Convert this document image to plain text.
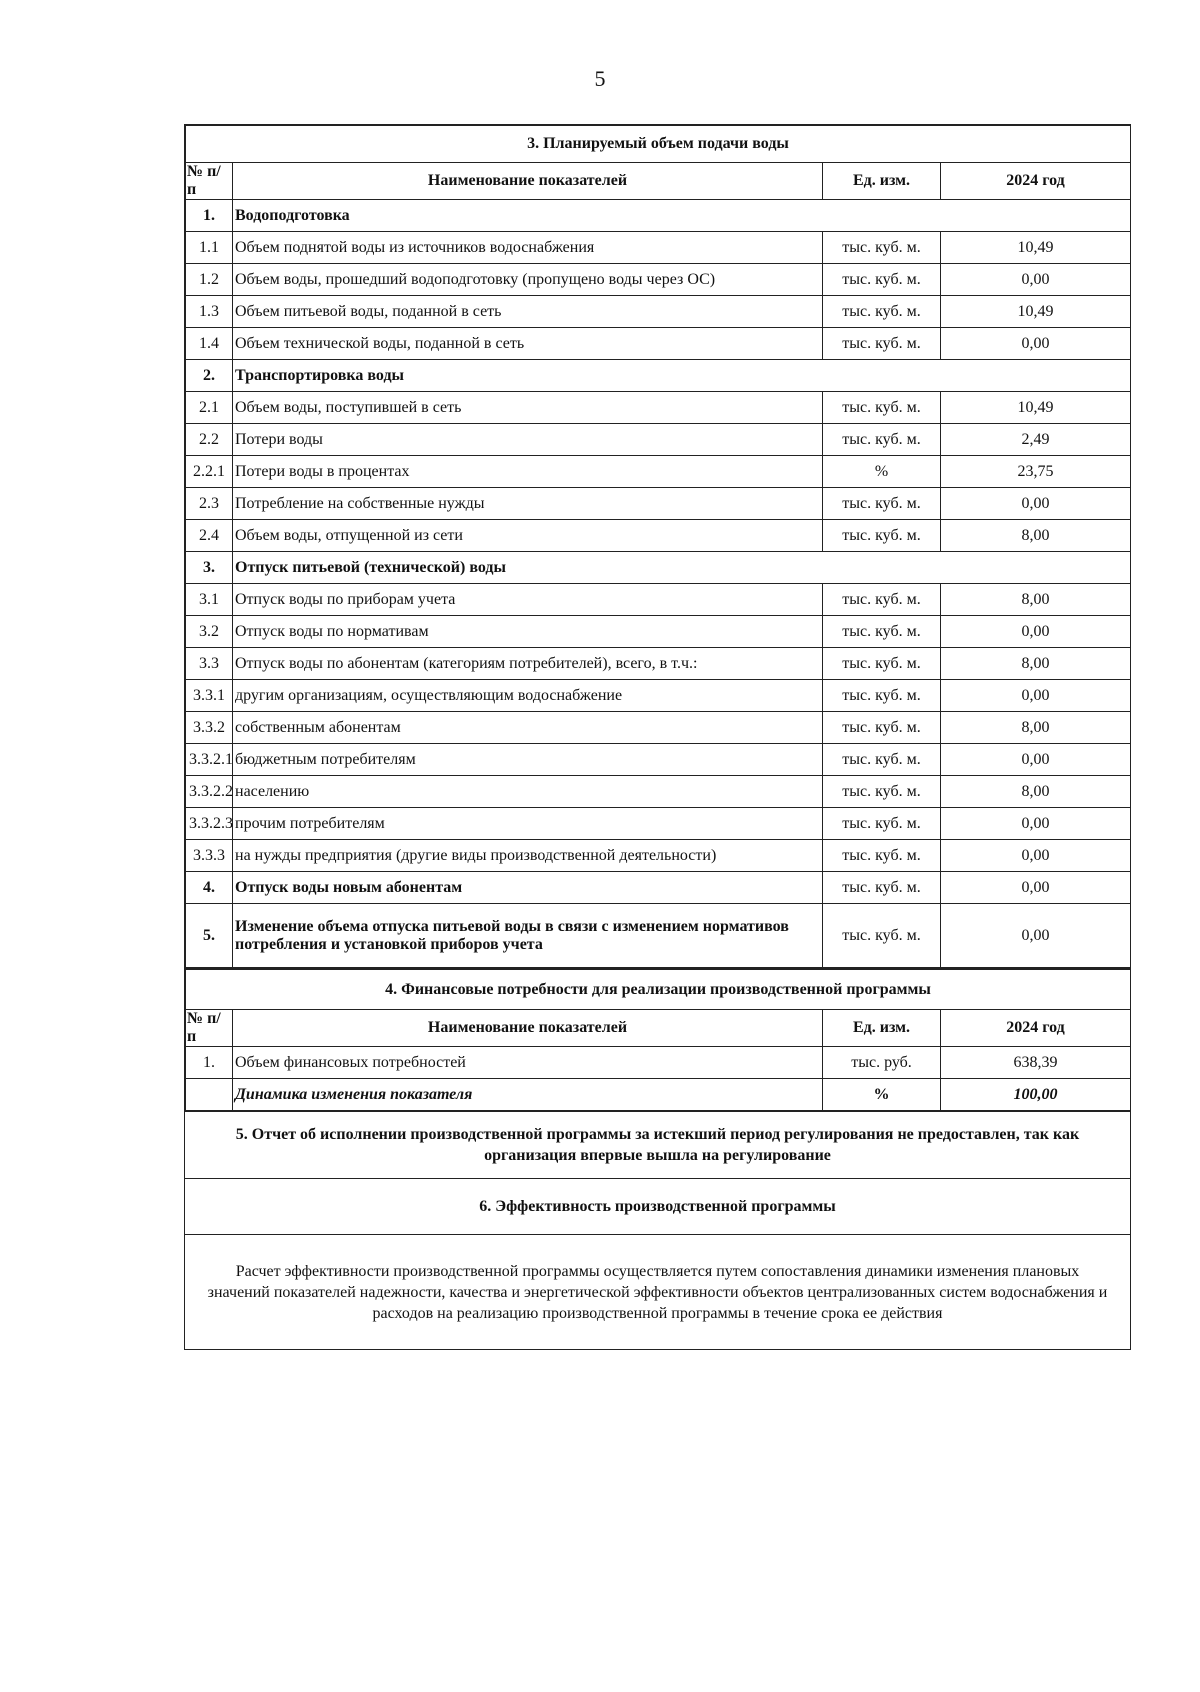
5
3. Планируемый объем подачи воды			
№ п/п	Наименование показателей	Ед. изм.	2024 год
1.	Водоподготовка		
1.1	Объем поднятой воды из источников водоснабжения	тыс. куб. м.	10,49
1.2	Объем воды, прошедший водоподготовку (пропущено воды через ОС)	тыс. куб. м.	0,00
1.3	Объем питьевой воды, поданной в сеть	тыс. куб. м.	10,49
1.4	Объем технической воды, поданной в сеть	тыс. куб. м.	0,00
2.	Транспортировка воды		
2.1	Объем воды, поступившей в сеть	тыс. куб. м.	10,49
2.2	Потери воды	тыс. куб. м.	2,49
2.2.1	Потери воды в процентах	%	23,75
2.3	Потребление на собственные нужды	тыс. куб. м.	0,00
2.4	Объем воды, отпущенной из сети	тыс. куб. м.	8,00
3.	Отпуск питьевой (технической) воды		
3.1	Отпуск воды по приборам учета	тыс. куб. м.	8,00
3.2	Отпуск воды по нормативам	тыс. куб. м.	0,00
3.3	Отпуск воды по абонентам (категориям потребителей), всего, в т.ч.:	тыс. куб. м.	8,00
3.3.1	другим организациям, осуществляющим водоснабжение	тыс. куб. м.	0,00
3.3.2	собственным абонентам	тыс. куб. м.	8,00
3.3.2.1	бюджетным потребителям	тыс. куб. м.	0,00
3.3.2.2	населению	тыс. куб. м.	8,00
3.3.2.3	прочим потребителям	тыс. куб. м.	0,00
3.3.3	на нужды предприятия (другие виды производственной деятельности)	тыс. куб. м.	0,00
4.	Отпуск воды новым абонентам	тыс. куб. м.	0,00
5.	Изменение объема отпуска питьевой воды в связи с изменением нормативов потребления и установкой приборов учета	тыс. куб. м.	0,00
4. Финансовые потребности для реализации производственной программы			
№ п/п	Наименование показателей	Ед. изм.	2024 год
1.	Объем финансовых потребностей	тыс. руб.	638,39
	Динамика изменения показателя	%	100,00
5. Отчет об исполнении производственной программы за истекший период регулирования не предоставлен, так как организация впервые вышла на регулирование
6. Эффективность производственной программы
Расчет эффективности производственной программы осуществляется путем сопоставления динамики изменения плановых значений показателей надежности, качества и энергетической эффективности объектов централизованных систем водоснабжения и расходов на реализацию производственной программы в течение срока ее действия
